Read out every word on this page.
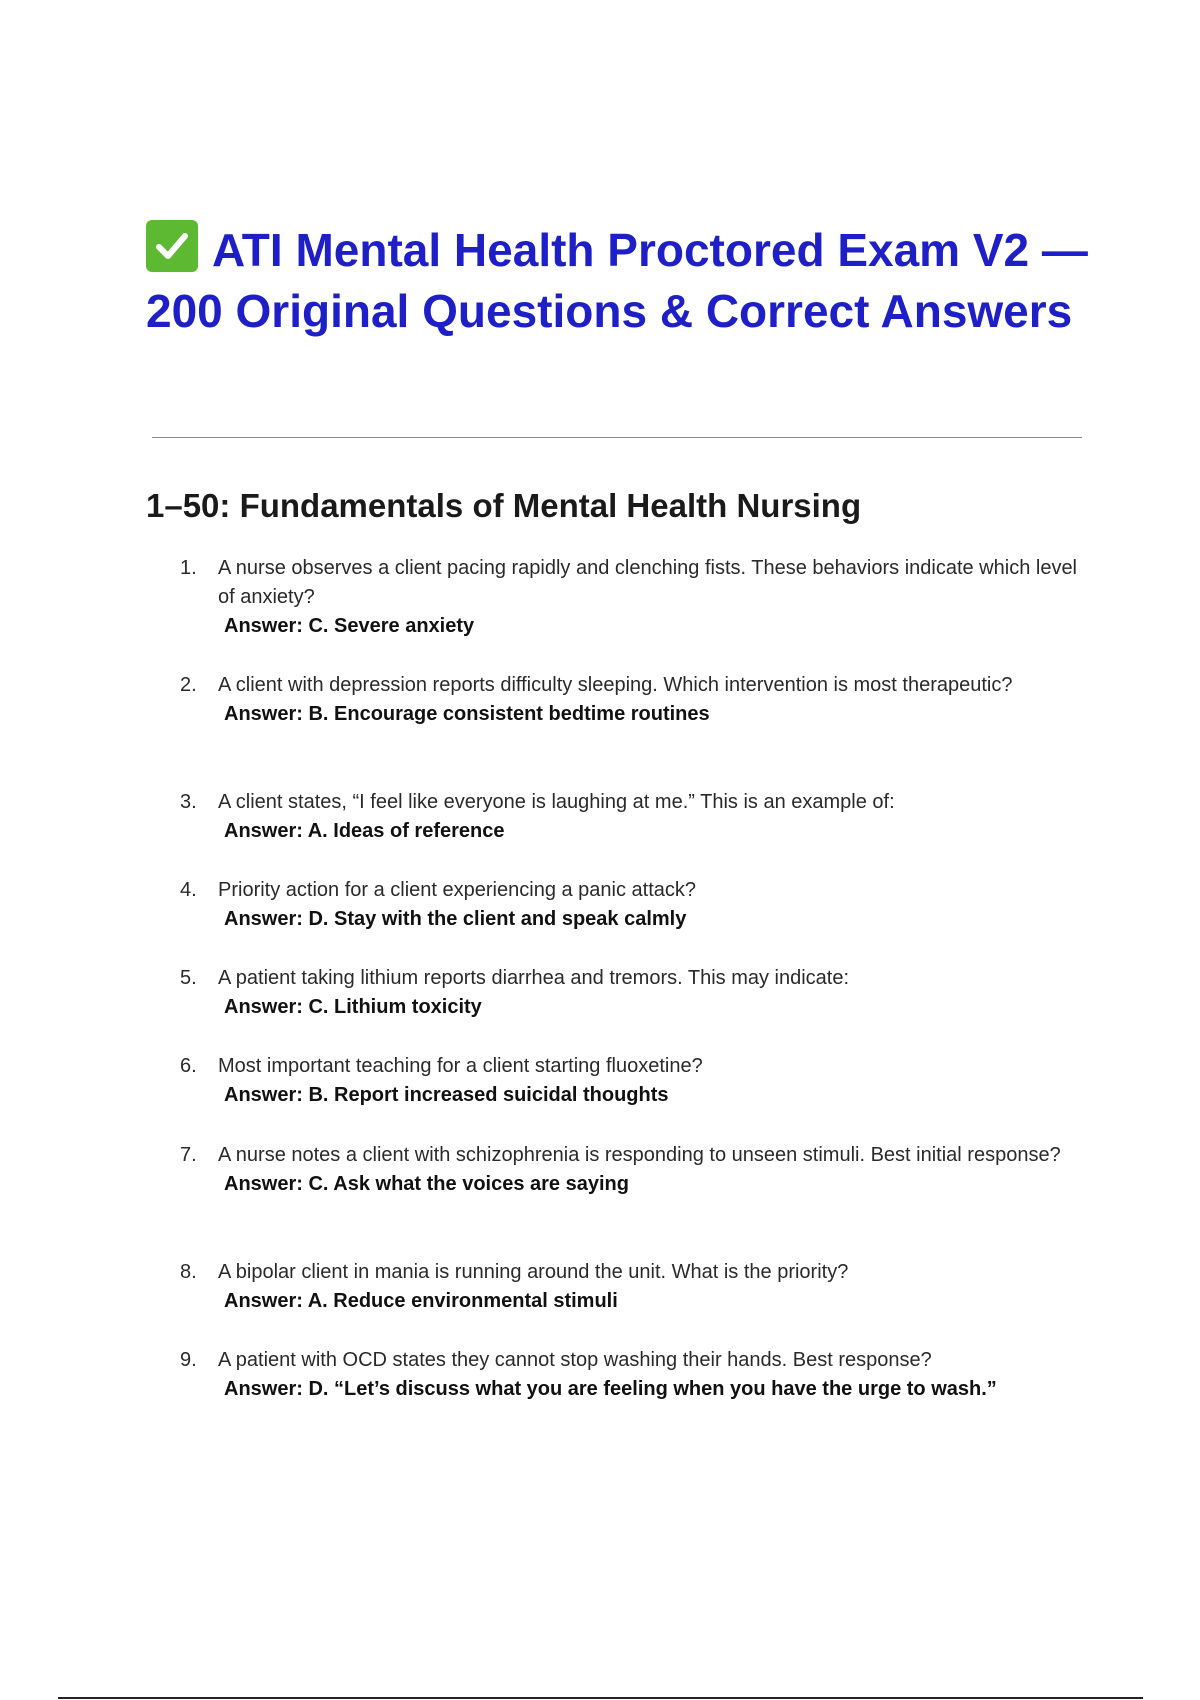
ATI Mental Health Proctored Exam V2 — 200 Original Questions & Correct Answers
1–50: Fundamentals of Mental Health Nursing
1.	A nurse observes a client pacing rapidly and clenching fists. These behaviors indicate which level of anxiety?
Answer: C. Severe anxiety
2.	A client with depression reports difficulty sleeping. Which intervention is most therapeutic?
Answer: B. Encourage consistent bedtime routines
3.	A client states, “I feel like everyone is laughing at me.” This is an example of:
Answer: A. Ideas of reference
4.	Priority action for a client experiencing a panic attack?
Answer: D. Stay with the client and speak calmly
5.	A patient taking lithium reports diarrhea and tremors. This may indicate:
Answer: C. Lithium toxicity
6.	Most important teaching for a client starting fluoxetine?
Answer: B. Report increased suicidal thoughts
7.	A nurse notes a client with schizophrenia is responding to unseen stimuli. Best initial response?
Answer: C. Ask what the voices are saying
8.	A bipolar client in mania is running around the unit. What is the priority?
Answer: A. Reduce environmental stimuli
9.	A patient with OCD states they cannot stop washing their hands. Best response?
Answer: D. “Let’s discuss what you are feeling when you have the urge to wash.”
